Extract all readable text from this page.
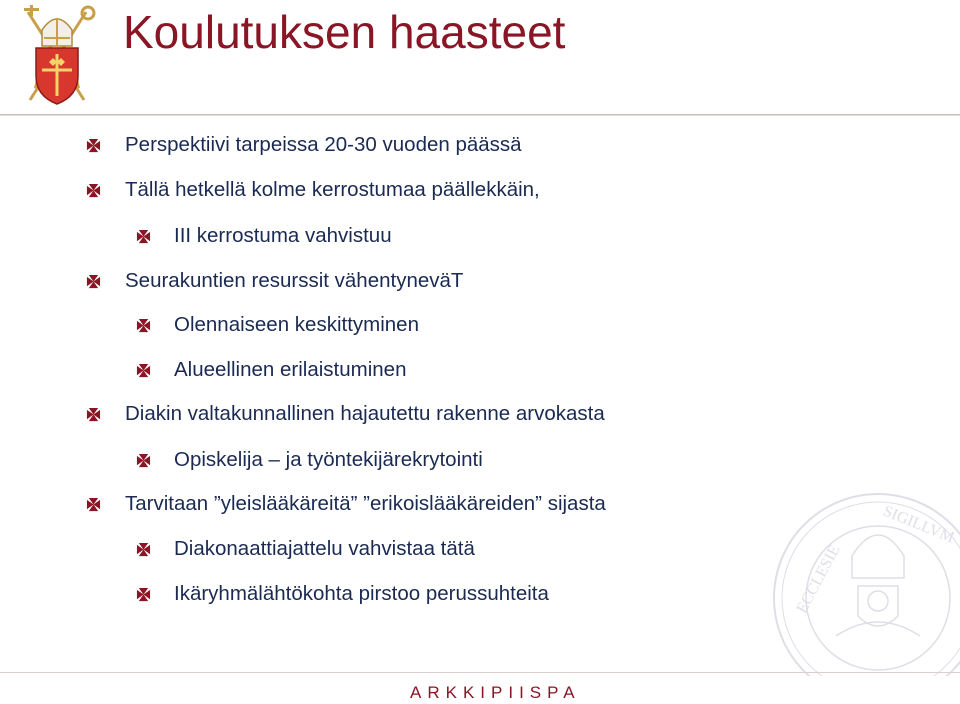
Koulutuksen haasteet
Perspektiivi tarpeissa 20-30 vuoden päässä
Tällä hetkellä kolme kerrostumaa päällekkäin,
III kerrostuma vahvistuu
Seurakuntien resurssit vähentyneväT
Olennaiseen keskittyminen
Alueellinen erilaistuminen
Diakin valtakunnallinen hajautettu rakenne arvokasta
Opiskelija – ja työntekijärekrytointi
Tarvitaan ”yleislääkäreitä” ”erikoislääkäreiden” sijasta
Diakonaattiajattelu vahvistaa tätä
Ikäryhmälähtökohta pirstoo perussuhteita	ECCLESIE
SIGILLVM
ARKKIPIISPA
